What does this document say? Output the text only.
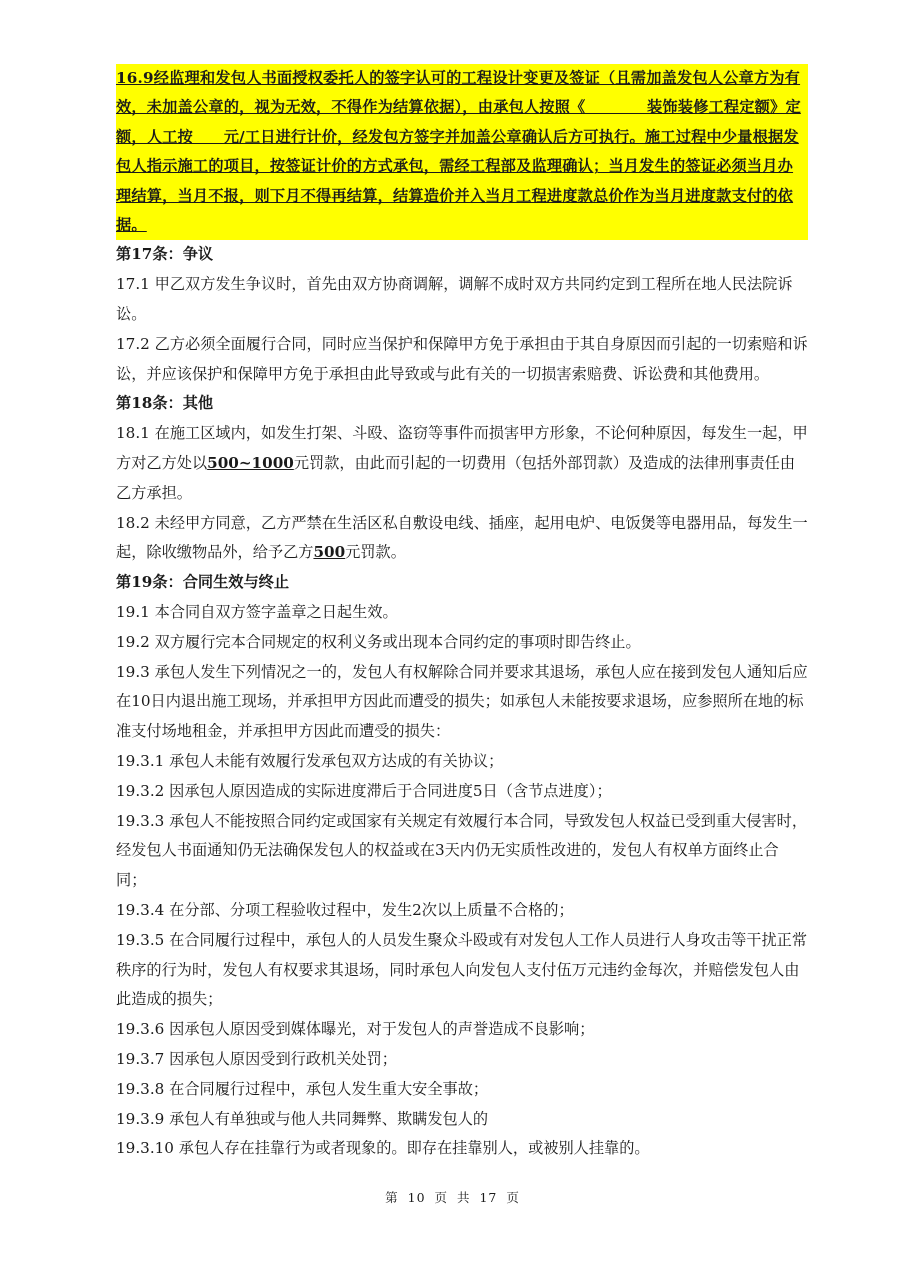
16.9经监理和发包人书面授权委托人的签字认可的工程设计变更及签证（且需加盖发包人公章方为有效，未加盖公章的，视为无效，不得作为结算依据），由承包人按照《　　　　装饰装修工程定额》定额，人工按　　元/工日进行计价，经发包方签字并加盖公章确认后方可执行。施工过程中少量根据发包人指示施工的项目，按签证计价的方式承包，需经工程部及监理确认；当月发生的签证必须当月办理结算，当月不报，则下月不得再结算，结算造价并入当月工程进度款总价作为当月进度款支付的依据。

第17条：争议

17.1 甲乙双方发生争议时，首先由双方协商调解，调解不成时双方共同约定到工程所在地人民法院诉讼。

17.2 乙方必须全面履行合同，同时应当保护和保障甲方免于承担由于其自身原因而引起的一切索赔和诉讼，并应该保护和保障甲方免于承担由此导致或与此有关的一切损害索赔费、诉讼费和其他费用。

第18条：其他

18.1 在施工区域内，如发生打架、斗殴、盗窃等事件而损害甲方形象，不论何种原因，每发生一起，甲方对乙方处以500~1000元罚款，由此而引起的一切费用（包括外部罚款）及造成的法律刑事责任由乙方承担。

18.2 未经甲方同意，乙方严禁在生活区私自敷设电线、插座，起用电炉、电饭煲等电器用品，每发生一起，除收缴物品外，给予乙方500元罚款。

第19条：合同生效与终止

19.1 本合同自双方签字盖章之日起生效。

19.2 双方履行完本合同规定的权利义务或出现本合同约定的事项时即告终止。

19.3 承包人发生下列情况之一的，发包人有权解除合同并要求其退场，承包人应在接到发包人通知后应在10日内退出施工现场，并承担甲方因此而遭受的损失；如承包人未能按要求退场，应参照所在地的标准支付场地租金，并承担甲方因此而遭受的损失：

19.3.1 承包人未能有效履行发承包双方达成的有关协议；

19.3.2 因承包人原因造成的实际进度滞后于合同进度5日（含节点进度）；

19.3.3 承包人不能按照合同约定或国家有关规定有效履行本合同，导致发包人权益已受到重大侵害时，经发包人书面通知仍无法确保发包人的权益或在3天内仍无实质性改进的，发包人有权单方面终止合同；

19.3.4 在分部、分项工程验收过程中，发生2次以上质量不合格的；

19.3.5 在合同履行过程中，承包人的人员发生聚众斗殴或有对发包人工作人员进行人身攻击等干扰正常秩序的行为时，发包人有权要求其退场，同时承包人向发包人支付伍万元违约金每次，并赔偿发包人由此造成的损失；

19.3.6 因承包人原因受到媒体曝光，对于发包人的声誉造成不良影响；

19.3.7 因承包人原因受到行政机关处罚；

19.3.8 在合同履行过程中，承包人发生重大安全事故；

19.3.9 承包人有单独或与他人共同舞弊、欺瞒发包人的

19.3.10 承包人存在挂靠行为或者现象的。即存在挂靠别人，或被别人挂靠的。

第 10 页 共 17 页
